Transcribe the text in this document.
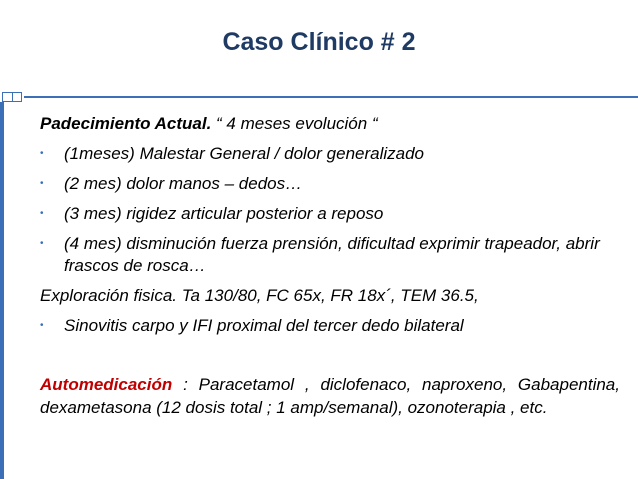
Caso Clínico # 2
Padecimiento Actual. “ 4 meses evolución “
• (1meses) Malestar General / dolor generalizado
• (2 mes) dolor manos – dedos…
• (3 mes) rigidez articular posterior a reposo
• (4 mes) disminución fuerza prensión, dificultad exprimir trapeador, abrir frascos de rosca…
Exploración fisica. Ta 130/80, FC 65x, FR 18x´, TEM 36.5,
• Sinovitis carpo y IFI proximal del tercer dedo bilateral
Automedicación : Paracetamol , diclofenaco, naproxeno, Gabapentina, dexametasona (12 dosis total ; 1 amp/semanal), ozonoterapia , etc.
